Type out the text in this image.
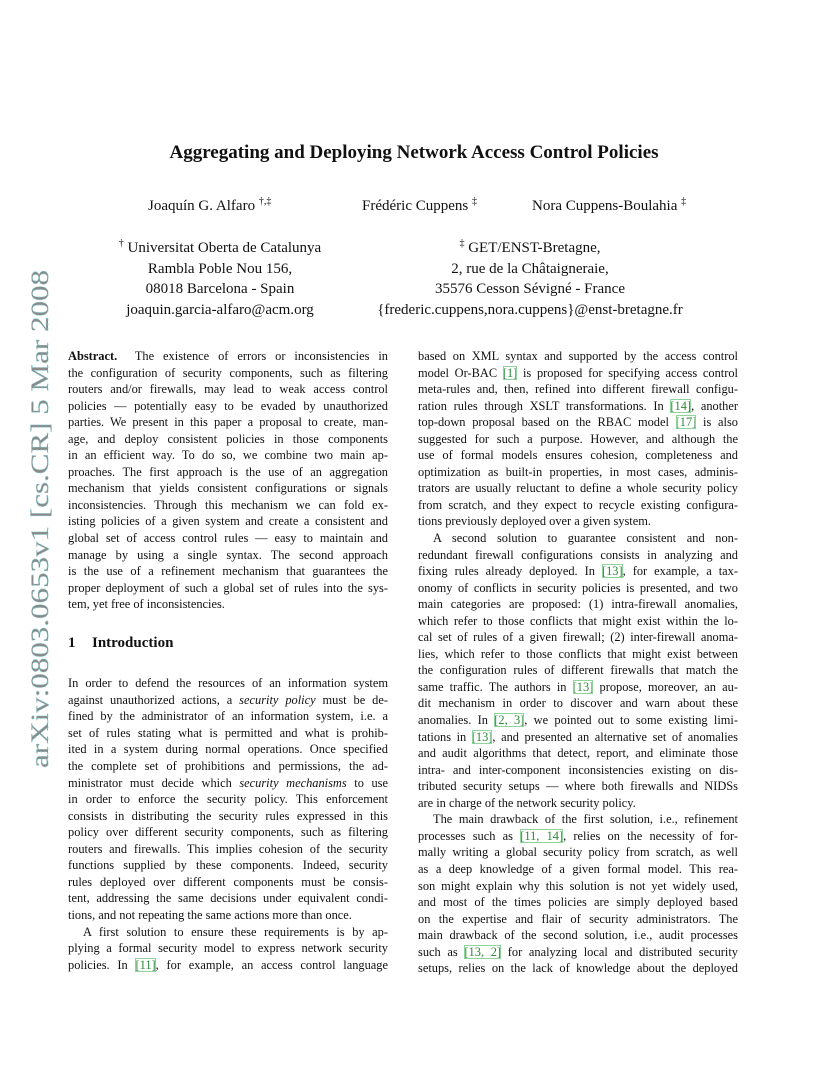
Aggregating and Deploying Network Access Control Policies
Joaquín G. Alfaro †,‡	Frédéric Cuppens ‡	Nora Cuppens-Boulahia ‡
† Universitat Oberta de Catalunya
Rambla Poble Nou 156,
08018 Barcelona - Spain
joaquin.garcia-alfaro@acm.org
‡ GET/ENST-Bretagne,
2, rue de la Châtaigneraie,
35576 Cesson Sévigné - France
{frederic.cuppens,nora.cuppens}@enst-bretagne.fr
arXiv:0803.0653v1 [cs.CR] 5 Mar 2008
Abstract. The existence of errors or inconsistencies in
the configuration of security components, such as filtering
routers and/or firewalls, may lead to weak access control
policies — potentially easy to be evaded by unauthorized
parties. We present in this paper a proposal to create, man-
age, and deploy consistent policies in those components
in an efficient way. To do so, we combine two main ap-
proaches. The first approach is the use of an aggregation
mechanism that yields consistent configurations or signals
inconsistencies. Through this mechanism we can fold ex-
isting policies of a given system and create a consistent and
global set of access control rules — easy to maintain and
manage by using a single syntax. The second approach
is the use of a refinement mechanism that guarantees the
proper deployment of such a global set of rules into the sys-
tem, yet free of inconsistencies.
1 Introduction
In order to defend the resources of an information system
against unauthorized actions, a security policy must be de-
fined by the administrator of an information system, i.e. a
set of rules stating what is permitted and what is prohib-
ited in a system during normal operations. Once specified
the complete set of prohibitions and permissions, the ad-
ministrator must decide which security mechanisms to use
in order to enforce the security policy. This enforcement
consists in distributing the security rules expressed in this
policy over different security components, such as filtering
routers and firewalls. This implies cohesion of the security
functions supplied by these components. Indeed, security
rules deployed over different components must be consis-
tent, addressing the same decisions under equivalent condi-
tions, and not repeating the same actions more than once.
A first solution to ensure these requirements is by ap-
plying a formal security model to express network security
policies. In [11], for example, an access control language
based on XML syntax and supported by the access control
model Or-BAC [1] is proposed for specifying access control
meta-rules and, then, refined into different firewall configu-
ration rules through XSLT transformations. In [14], another
top-down proposal based on the RBAC model [17] is also
suggested for such a purpose. However, and although the
use of formal models ensures cohesion, completeness and
optimization as built-in properties, in most cases, adminis-
trators are usually reluctant to define a whole security policy
from scratch, and they expect to recycle existing configura-
tions previously deployed over a given system.
A second solution to guarantee consistent and non-
redundant firewall configurations consists in analyzing and
fixing rules already deployed. In [13], for example, a tax-
onomy of conflicts in security policies is presented, and two
main categories are proposed: (1) intra-firewall anomalies,
which refer to those conflicts that might exist within the lo-
cal set of rules of a given firewall; (2) inter-firewall anoma-
lies, which refer to those conflicts that might exist between
the configuration rules of different firewalls that match the
same traffic. The authors in [13] propose, moreover, an au-
dit mechanism in order to discover and warn about these
anomalies. In [2, 3], we pointed out to some existing limi-
tations in [13], and presented an alternative set of anomalies
and audit algorithms that detect, report, and eliminate those
intra- and inter-component inconsistencies existing on dis-
tributed security setups — where both firewalls and NIDSs
are in charge of the network security policy.
The main drawback of the first solution, i.e., refinement
processes such as [11, 14], relies on the necessity of for-
mally writing a global security policy from scratch, as well
as a deep knowledge of a given formal model. This rea-
son might explain why this solution is not yet widely used,
and most of the times policies are simply deployed based
on the expertise and flair of security administrators. The
main drawback of the second solution, i.e., audit processes
such as [13, 2] for analyzing local and distributed security
setups, relies on the lack of knowledge about the deployed
